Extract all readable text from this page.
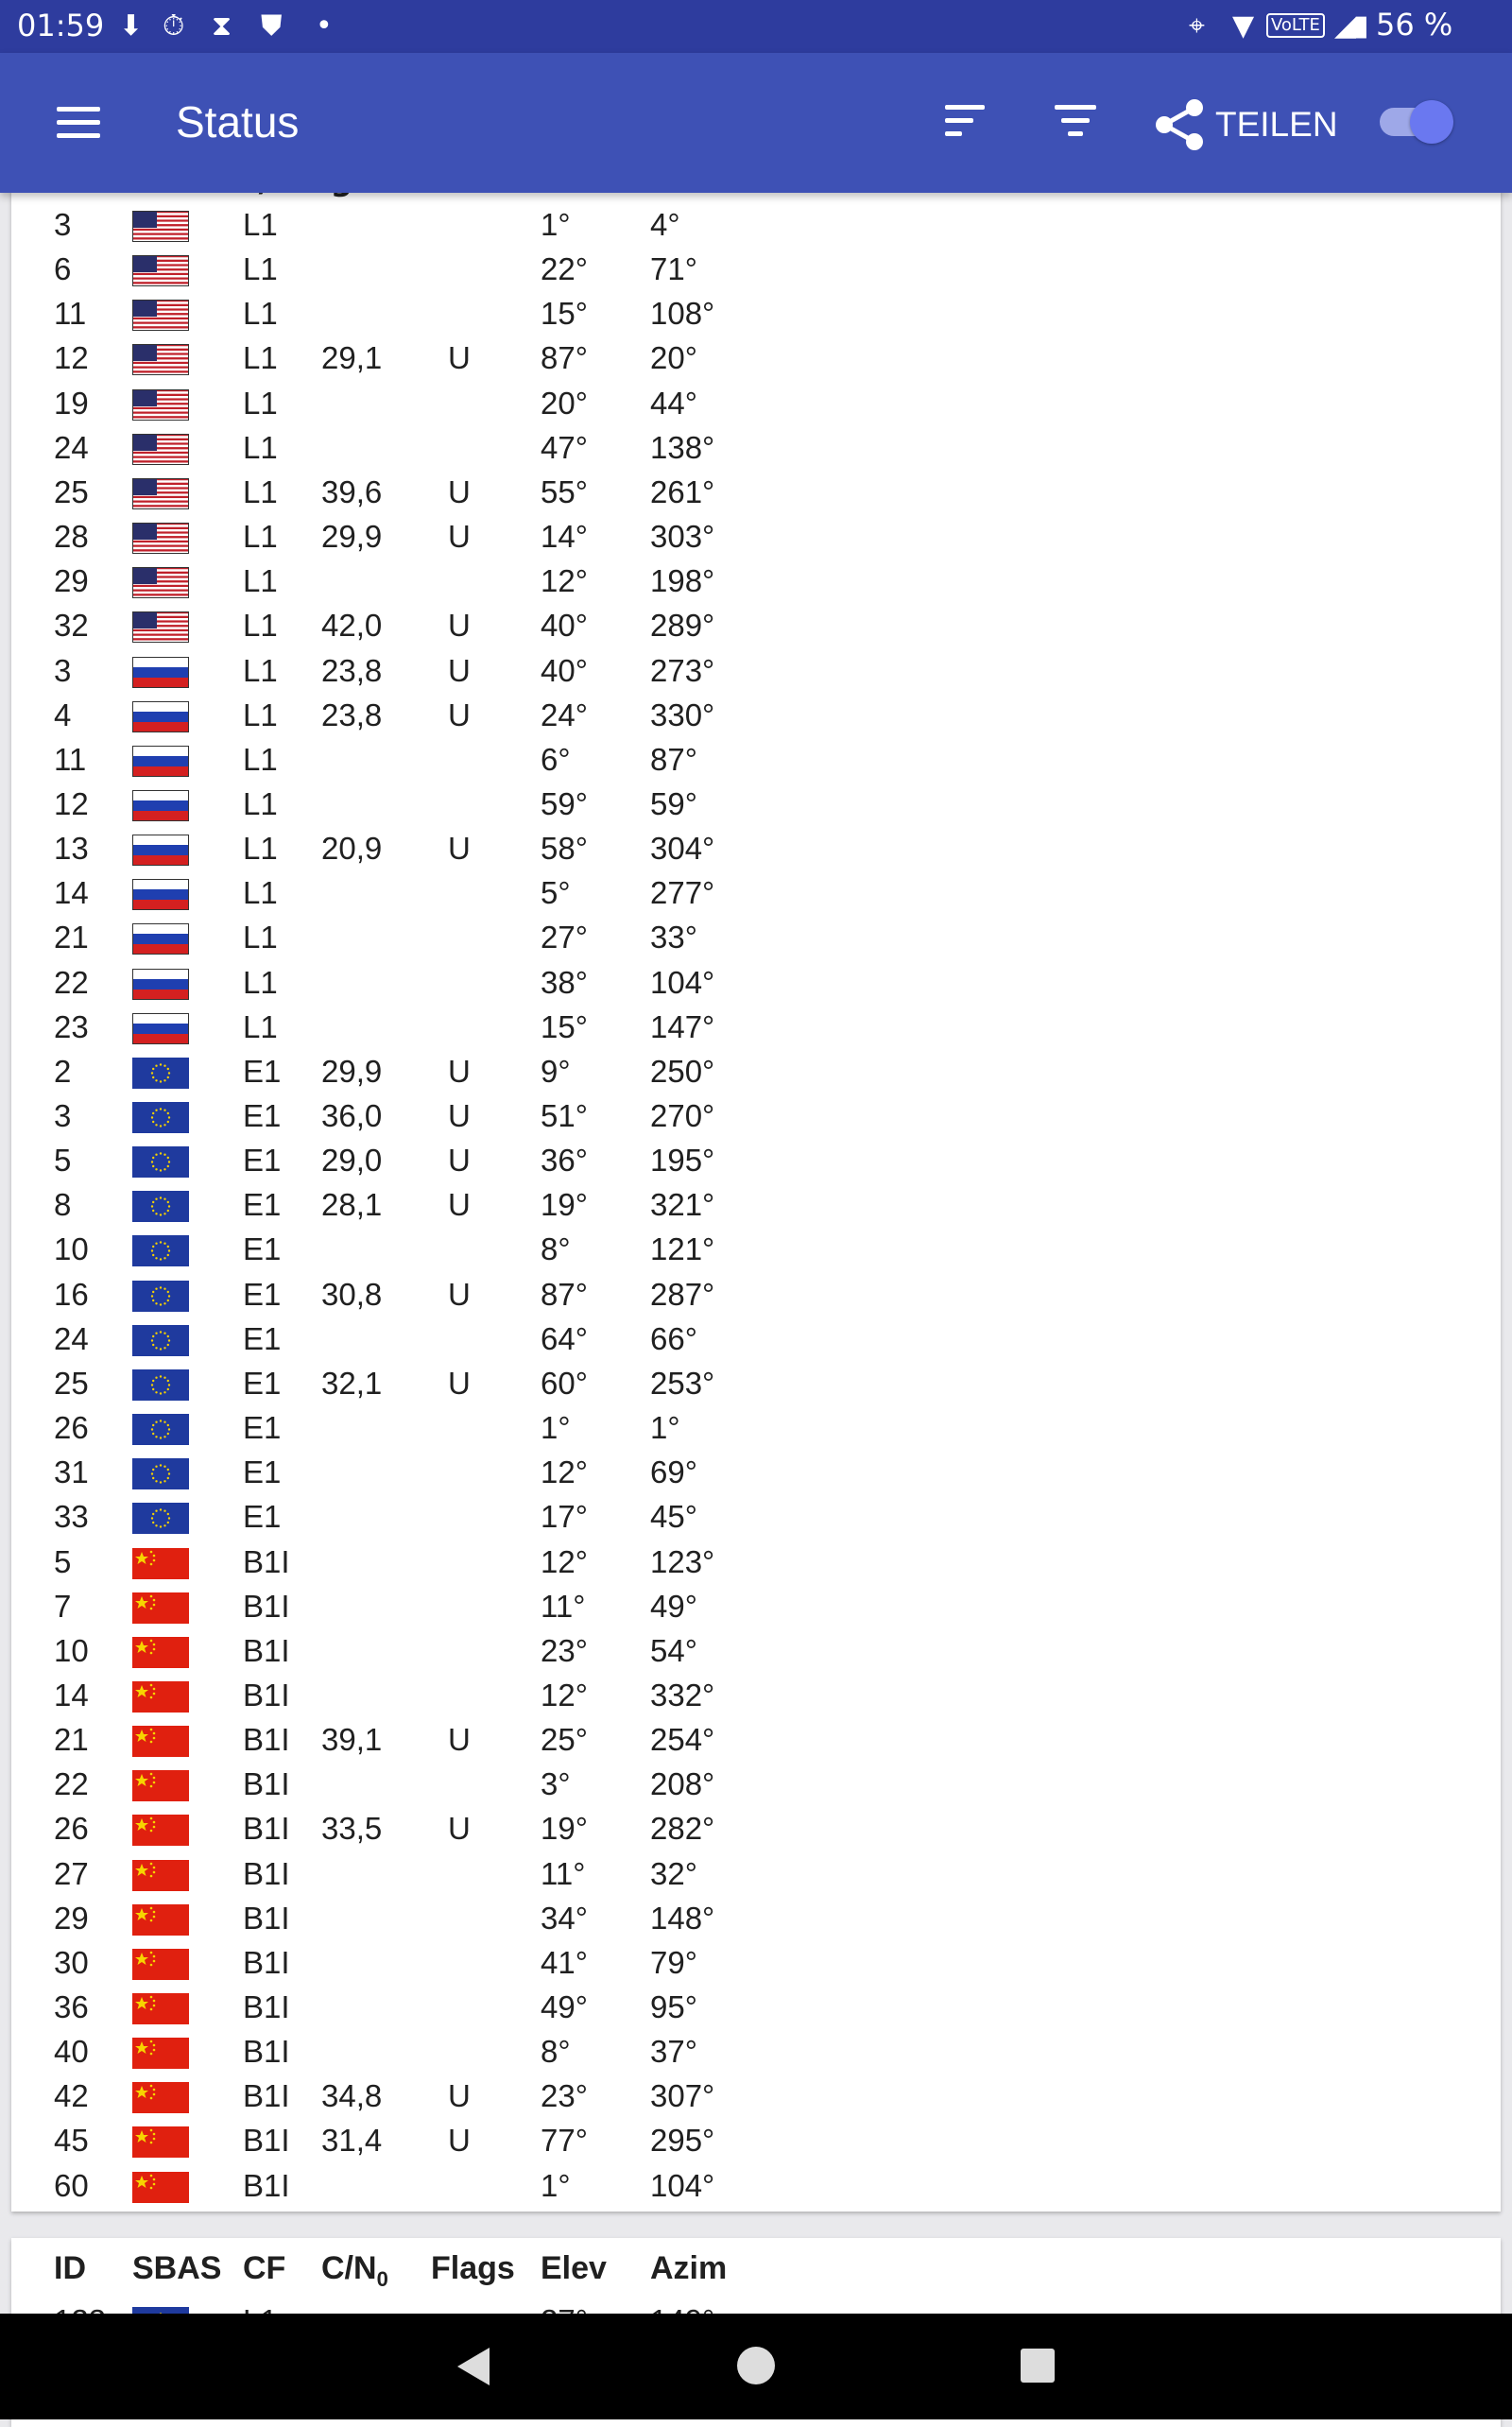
01:59 ⬇ ⏱ ⧗ ⛊ •	⌖ ▼ VoLTE ◢
▮ 56 %
Status	TEILEN
3	L1	1°	4°
6	L1	22° 71°
11	L1	15° 108°
12	L1 29,1 U 87° 20°
19	L1	20° 44°
24	L1	47° 138°
25	L1 39,6 U 55° 261°
28	L1 29,9 U 14° 303°
29	L1	12° 198°
32	L1 42,0 U 40° 289°
3	L1 23,8 U 40° 273°
4	L1 23,8 U 24° 330°
11	L1	6°	87°
12	L1	59° 59°
13	L1 20,9 U 58° 304°
14	L1	5°	277°
21	L1	27° 33°
22	L1	38° 104°
23	L1	15° 147°
2	E1 29,9 U 9°	250°
3	E1 36,0 U 51° 270°
5	E1 29,0 U 36° 195°
8	E1 28,1 U 19° 321°
10	E1	8°	121°
16	E1 30,8 U 87° 287°
24	E1	64° 66°
25	E1 32,1 U 60° 253°
26	E1	1°	1°
31	E1	12° 69°
33	E1	17° 45°
5	B1I	12° 123°
7	B1I	11° 49°
10	B1I	23° 54°
14	B1I	12° 332°
21	B1I 39,1 U 25° 254°
22	B1I	3°	208°
26	B1I 33,5 U 19° 282°
27	B1I	11° 32°
29	B1I	34° 148°
30	B1I	41° 79°
36	B1I	49° 95°
40	B1I	8°	37°
42	B1I 34,8 U 23° 307°
45	B1I 31,4 U 77° 295°
60	B1I	1°	104°
ID SBAS CF $C/N_0$ Flags Elev Azim
